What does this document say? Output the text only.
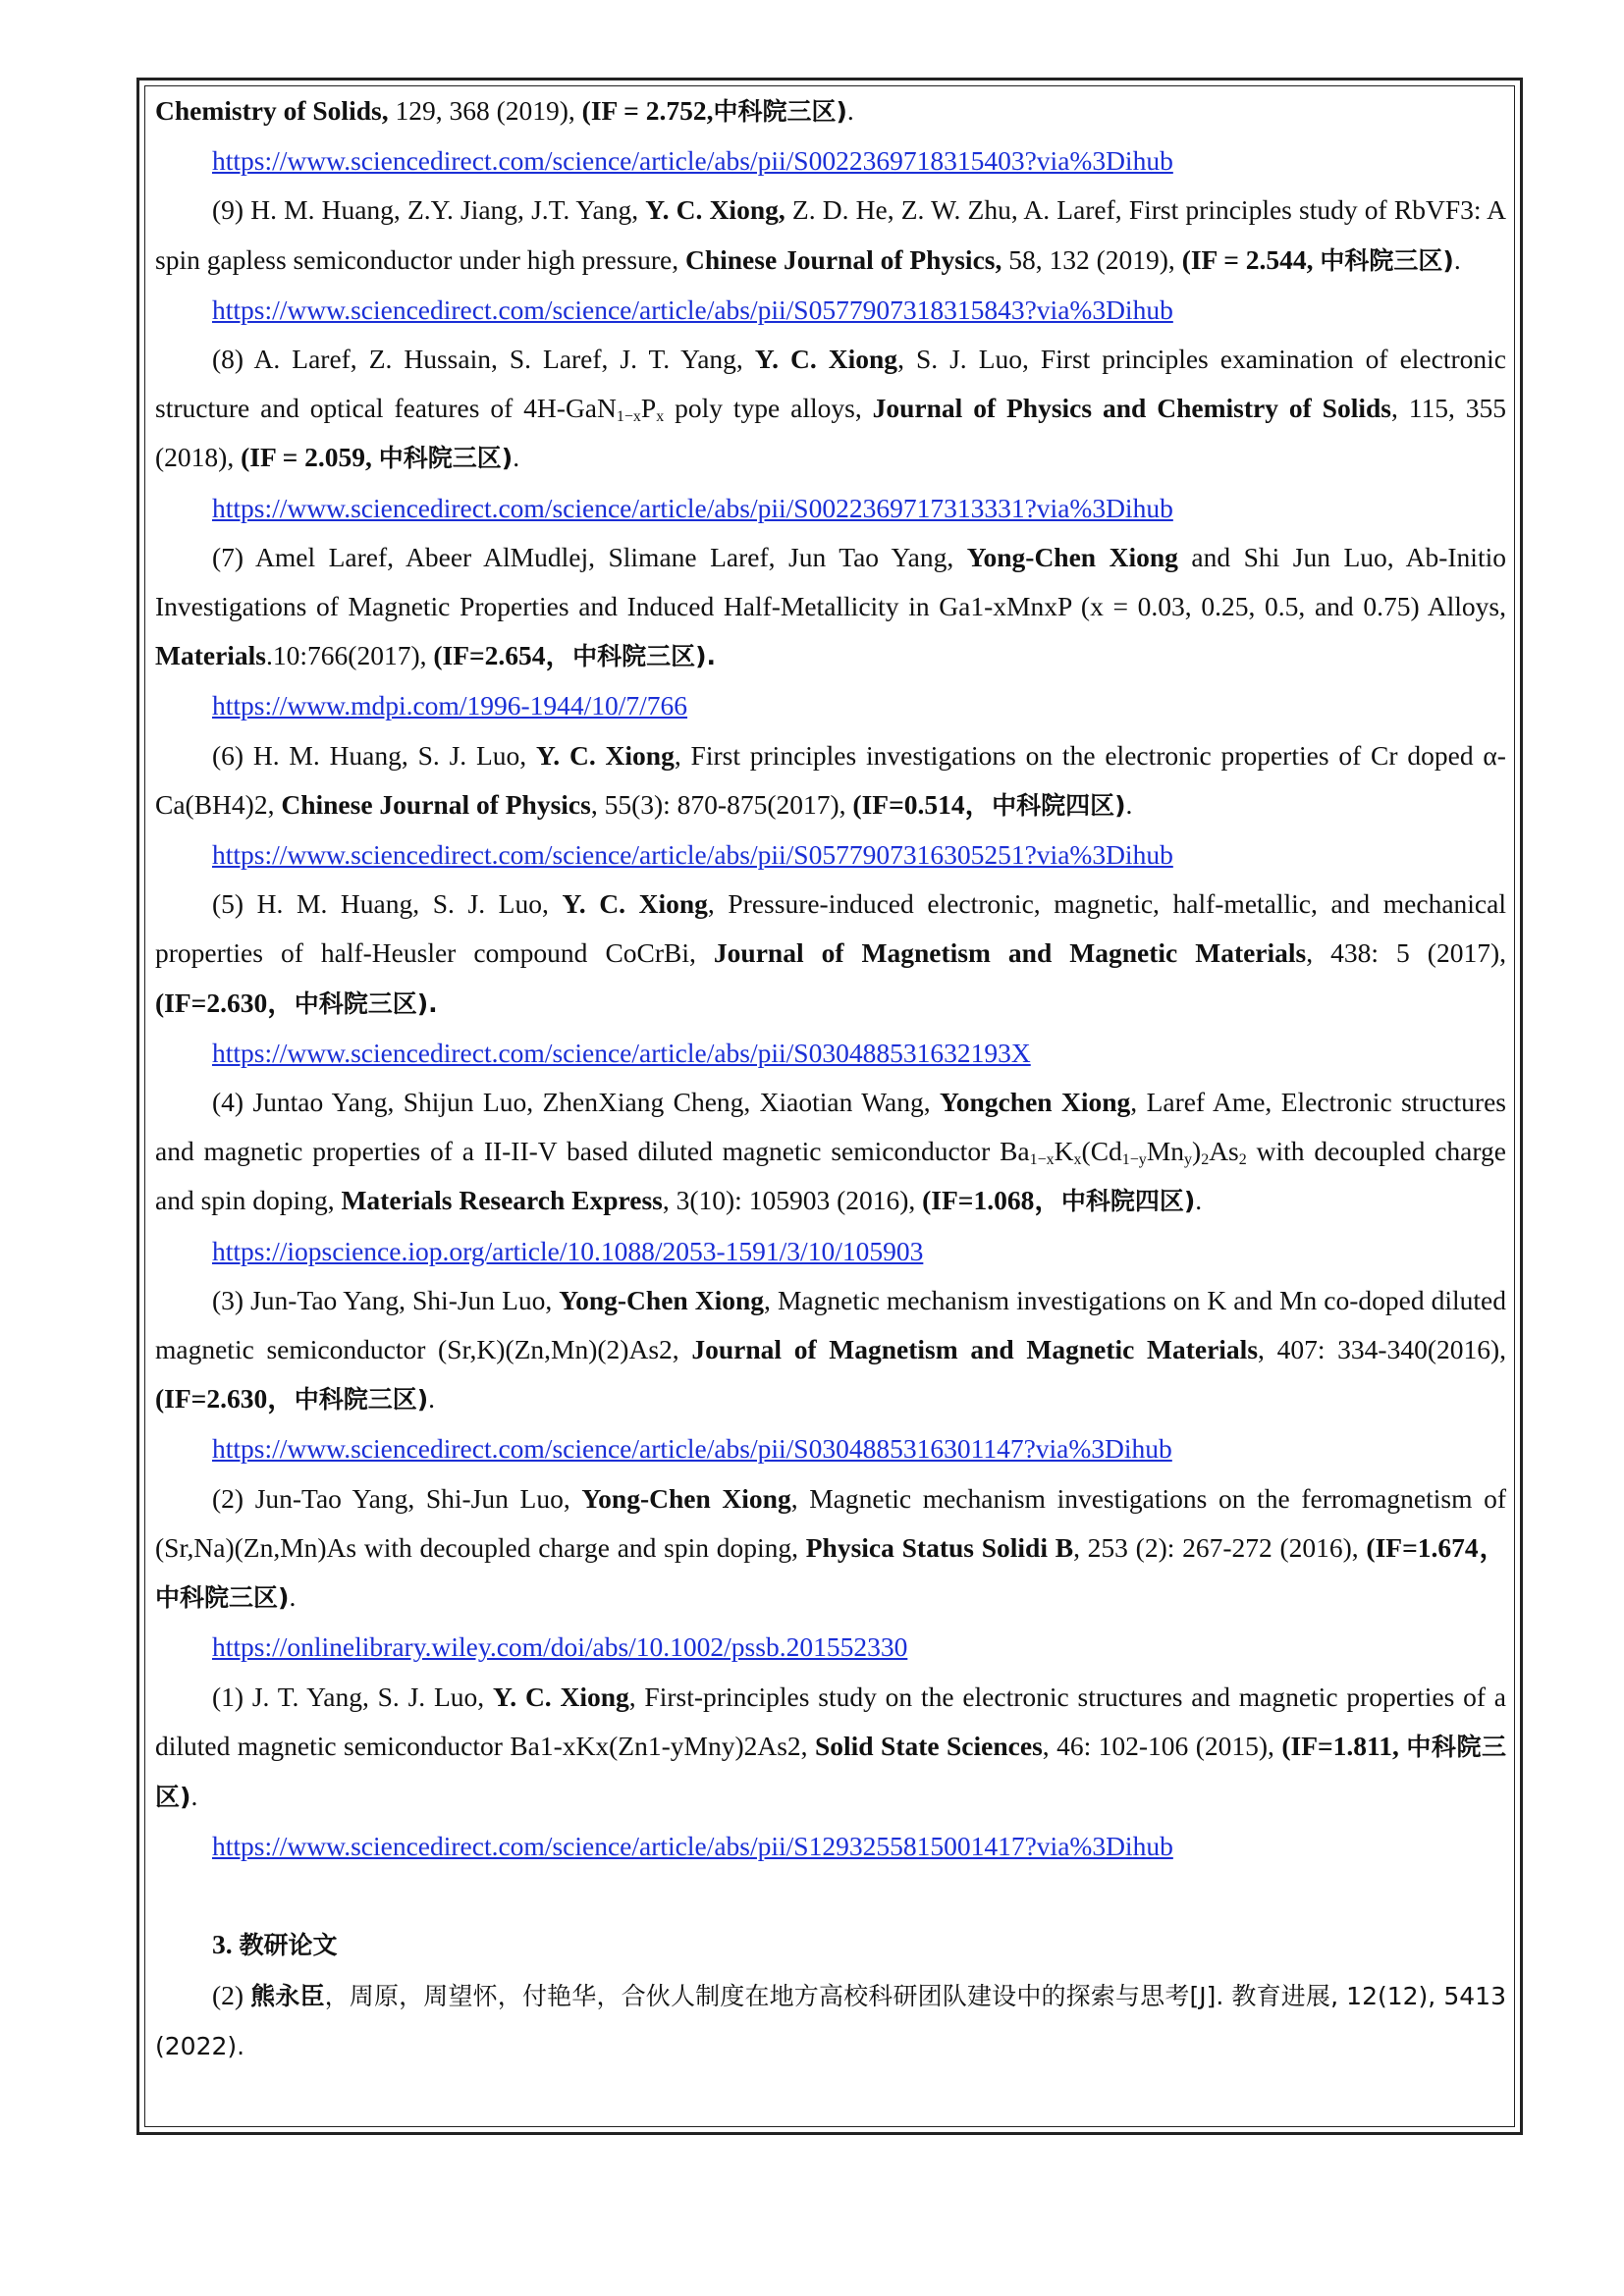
Chemistry of Solids, 129, 368 (2019), (IF = 2.752,中科院三区).
https://www.sciencedirect.com/science/article/abs/pii/S0022369718315403?via%3Dihub
(9) H. M. Huang, Z.Y. Jiang, J.T. Yang, Y. C. Xiong, Z. D. He, Z. W. Zhu, A. Laref, First principles study of RbVF3: A spin gapless semiconductor under high pressure, Chinese Journal of Physics, 58, 132 (2019), (IF = 2.544, 中科院三区).
https://www.sciencedirect.com/science/article/abs/pii/S0577907318315843?via%3Dihub
(8) A. Laref, Z. Hussain, S. Laref, J. T. Yang, Y. C. Xiong, S. J. Luo, First principles examination of electronic structure and optical features of $4H-GaN_{1-x}P_x$ poly type alloys, Journal of Physics and Chemistry of Solids, 115, 355 (2018), (IF = 2.059, 中科院三区).
https://www.sciencedirect.com/science/article/abs/pii/S0022369717313331?via%3Dihub
(7) Amel Laref, Abeer AlMudlej, Slimane Laref, Jun Tao Yang, Yong-Chen Xiong and Shi Jun Luo, Ab-Initio Investigations of Magnetic Properties and Induced Half-Metallicity in Ga1-xMnxP (x = 0.03, 0.25, 0.5, and 0.75) Alloys, Materials.10:766(2017), (IF=2.654，中科院三区).
https://www.mdpi.com/1996-1944/10/7/766
(6) H. M. Huang, S. J. Luo, Y. C. Xiong, First principles investigations on the electronic properties of Cr doped α-Ca(BH4)2, Chinese Journal of Physics, 55(3): 870-875(2017), (IF=0.514，中科院四区).
https://www.sciencedirect.com/science/article/abs/pii/S0577907316305251?via%3Dihub
(5) H. M. Huang, S. J. Luo, Y. C. Xiong, Pressure-induced electronic, magnetic, half-metallic, and mechanical properties of half-Heusler compound CoCrBi, Journal of Magnetism and Magnetic Materials, 438: 5 (2017), (IF=2.630，中科院三区).
https://www.sciencedirect.com/science/article/abs/pii/S030488531632193X
(4) Juntao Yang, Shijun Luo, ZhenXiang Cheng, Xiaotian Wang, Yongchen Xiong, Laref Ame, Electronic structures and magnetic properties of a II-II-V based diluted magnetic semiconductor $Ba_{1-x}K_x(Cd_{1-y}Mn_y)_2As_2$ with decoupled charge and spin doping, Materials Research Express, 3(10): 105903 (2016), (IF=1.068，中科院四区).
https://iopscience.iop.org/article/10.1088/2053-1591/3/10/105903
(3) Jun-Tao Yang, Shi-Jun Luo, Yong-Chen Xiong, Magnetic mechanism investigations on K and Mn co-doped diluted magnetic semiconductor (Sr,K)(Zn,Mn)(2)As2, Journal of Magnetism and Magnetic Materials, 407: 334-340(2016), (IF=2.630，中科院三区).
https://www.sciencedirect.com/science/article/abs/pii/S0304885316301147?via%3Dihub
(2) Jun-Tao Yang, Shi-Jun Luo, Yong-Chen Xiong, Magnetic mechanism investigations on the ferromagnetism of (Sr,Na)(Zn,Mn)As with decoupled charge and spin doping, Physica Status Solidi B, 253 (2): 267-272 (2016), (IF=1.674，中科院三区).
https://onlinelibrary.wiley.com/doi/abs/10.1002/pssb.201552330
(1) J. T. Yang, S. J. Luo, Y. C. Xiong, First-principles study on the electronic structures and magnetic properties of a diluted magnetic semiconductor Ba1-xKx(Zn1-yMny)2As2, Solid State Sciences, 46: 102-106 (2015), (IF=1.811, 中科院三区).
https://www.sciencedirect.com/science/article/abs/pii/S1293255815001417?via%3Dihub
3. 教研论文
(2) 熊永臣，周原，周望怀，付艳华，合伙人制度在地方高校科研团队建设中的探索与思考[J]. 教育进展, 12(12), 5413 (2022).
